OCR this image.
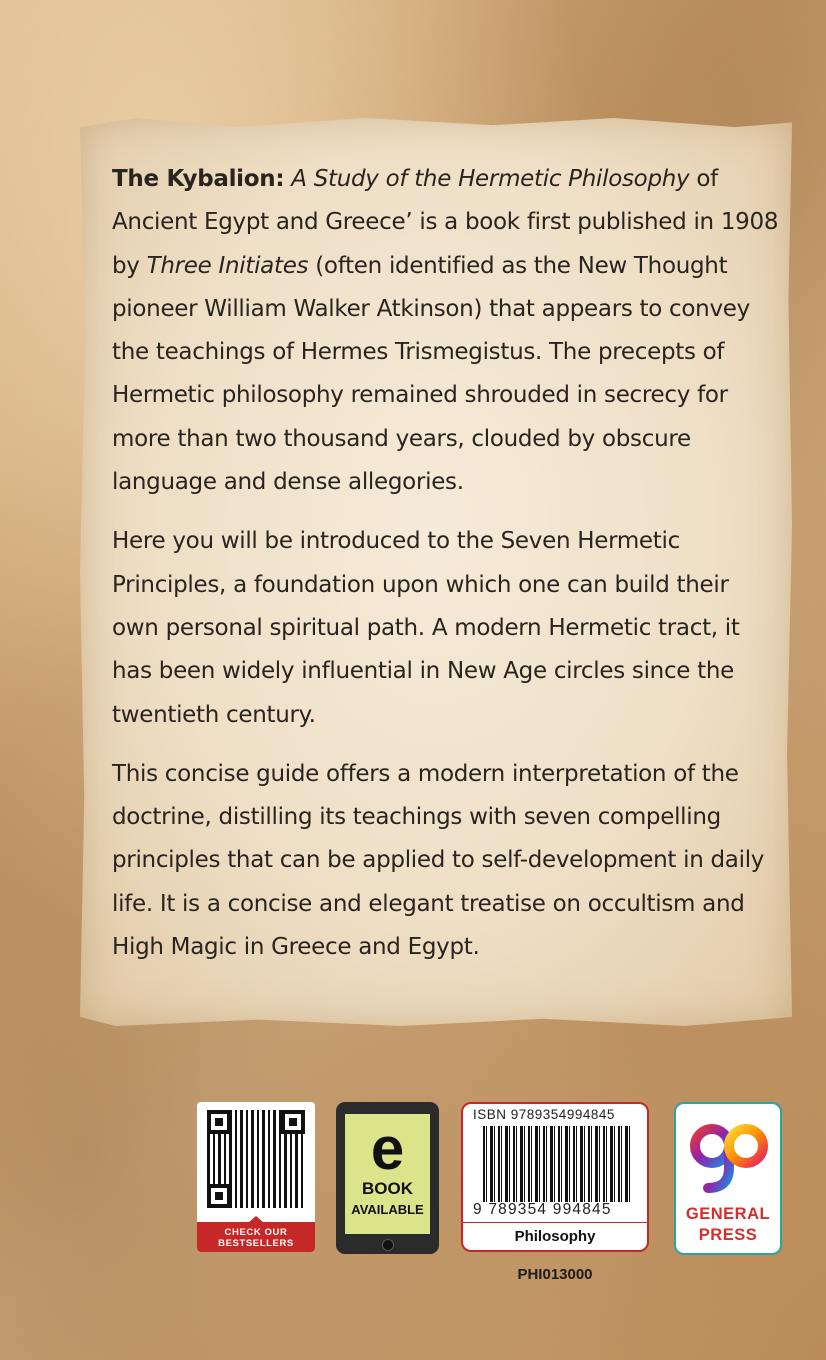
The Kybalion: A Study of the Hermetic Philosophy of Ancient Egypt and Greece’ is a book first published in 1908 by Three Initiates (often identified as the New Thought pioneer William Walker Atkinson) that appears to convey the teachings of Hermes Trismegistus. The precepts of Hermetic philosophy remained shrouded in secrecy for more than two thousand years, clouded by obscure language and dense allegories.

Here you will be introduced to the Seven Hermetic Principles, a foundation upon which one can build their own personal spiritual path. A modern Hermetic tract, it has been widely influential in New Age circles since the twentieth century.

This concise guide offers a modern interpretation of the doctrine, distilling its teachings with seven compelling principles that can be applied to self-development in daily life. It is a concise and elegant treatise on occultism and High Magic in Greece and Egypt.

CHECK OUR
BESTSELLERS
e
BOOK
AVAILABLE
ISBN 9789354994845
9 789354 994845
Philosophy
GENERAL
PRESS
PHI013000
